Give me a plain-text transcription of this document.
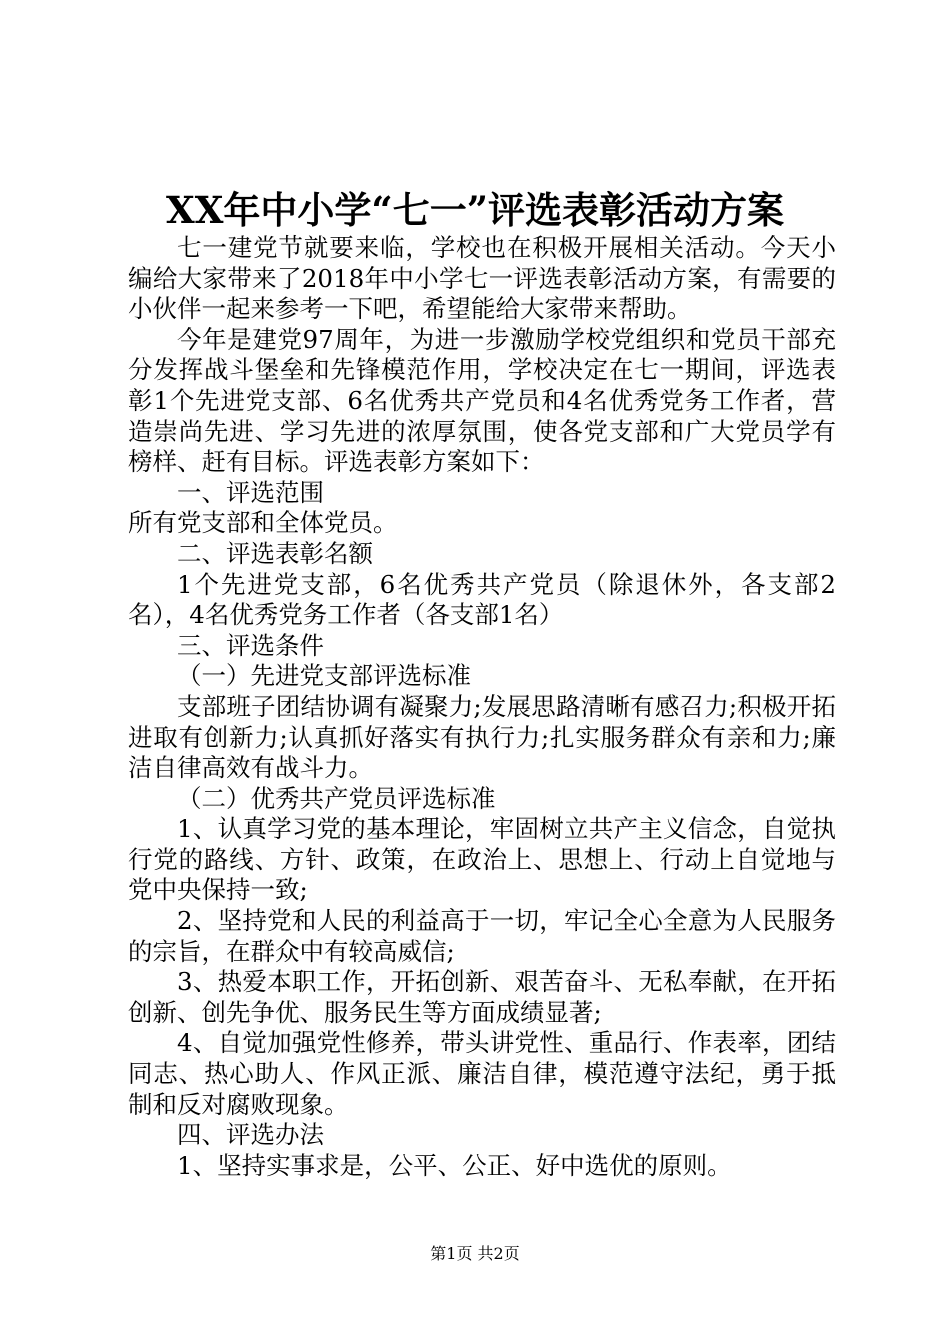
XX年中小学“七一”评选表彰活动方案

七一建党节就要来临，学校也在积极开展相关活动。今天小编给大家带来了2018年中小学七一评选表彰活动方案，有需要的小伙伴一起来参考一下吧，希望能给大家带来帮助。

今年是建党97周年，为进一步激励学校党组织和党员干部充分发挥战斗堡垒和先锋模范作用，学校决定在七一期间，评选表彰1个先进党支部、6名优秀共产党员和4名优秀党务工作者，营造崇尚先进、学习先进的浓厚氛围，使各党支部和广大党员学有榜样、赶有目标。评选表彰方案如下：

一、评选范围

所有党支部和全体党员。

二、评选表彰名额

1个先进党支部，6名优秀共产党员（除退休外，各支部2名），4名优秀党务工作者（各支部1名）

三、评选条件

（一）先进党支部评选标准

支部班子团结协调有凝聚力;发展思路清晰有感召力;积极开拓进取有创新力;认真抓好落实有执行力;扎实服务群众有亲和力;廉洁自律高效有战斗力。

（二）优秀共产党员评选标准

1、认真学习党的基本理论，牢固树立共产主义信念，自觉执行党的路线、方针、政策，在政治上、思想上、行动上自觉地与党中央保持一致;

2、坚持党和人民的利益高于一切，牢记全心全意为人民服务的宗旨，在群众中有较高威信;

3、热爱本职工作，开拓创新、艰苦奋斗、无私奉献，在开拓创新、创先争优、服务民生等方面成绩显著;

4、自觉加强党性修养，带头讲党性、重品行、作表率，团结同志、热心助人、作风正派、廉洁自律，模范遵守法纪，勇于抵制和反对腐败现象。

四、评选办法

1、坚持实事求是，公平、公正、好中选优的原则。

第1页 共2页
